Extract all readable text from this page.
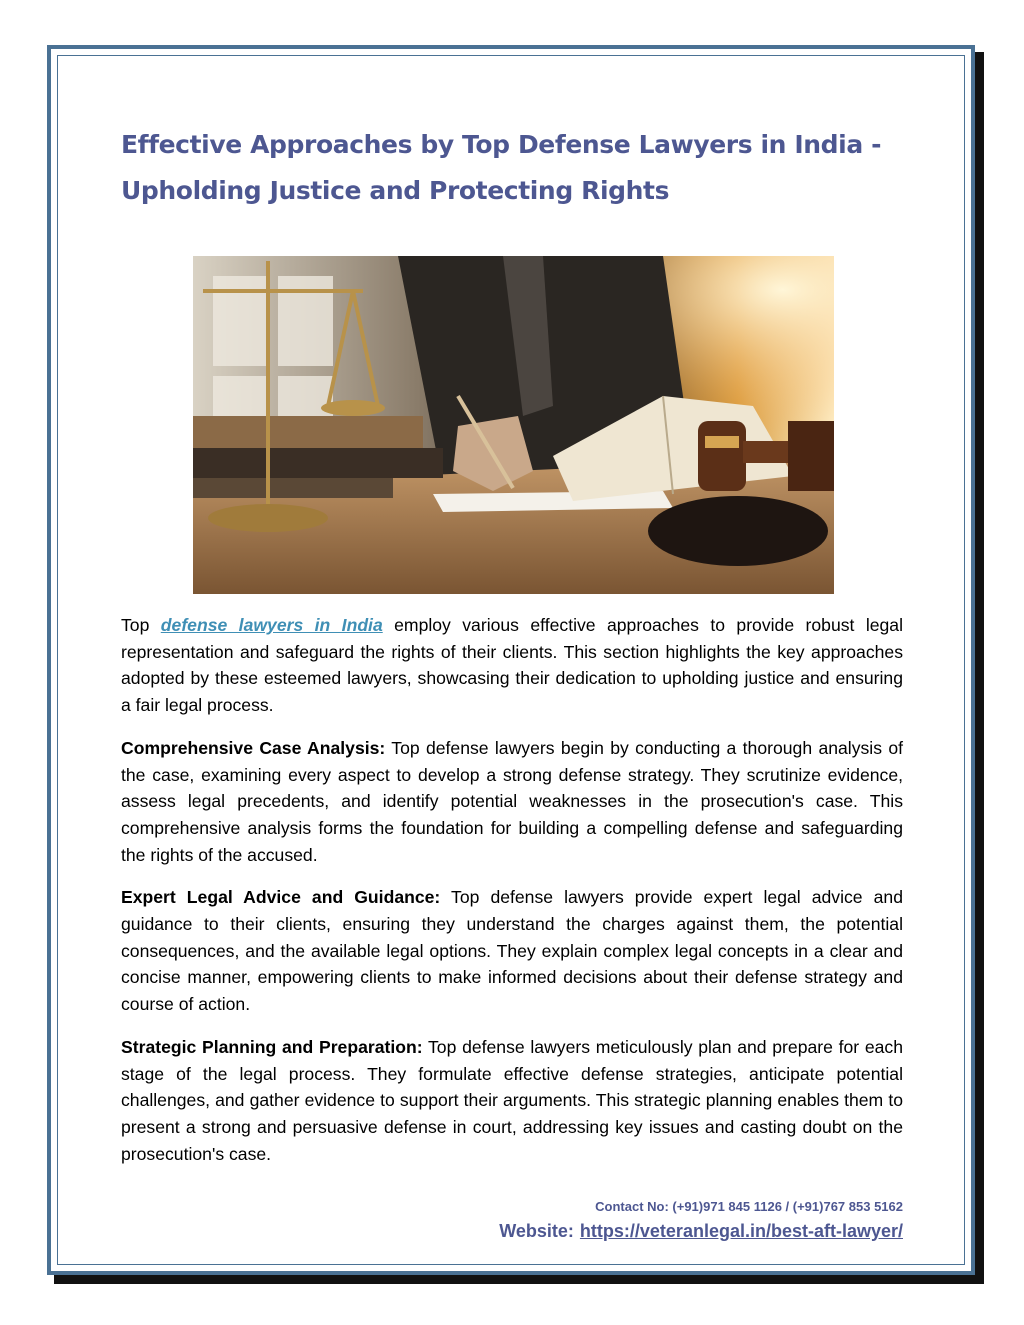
Effective Approaches by Top Defense Lawyers in India - Upholding Justice and Protecting Rights

Top defense lawyers in India employ various effective approaches to provide robust legal representation and safeguard the rights of their clients. This section highlights the key approaches adopted by these esteemed lawyers, showcasing their dedication to upholding justice and ensuring a fair legal process.

Comprehensive Case Analysis: Top defense lawyers begin by conducting a thorough analysis of the case, examining every aspect to develop a strong defense strategy. They scrutinize evidence, assess legal precedents, and identify potential weaknesses in the prosecution's case. This comprehensive analysis forms the foundation for building a compelling defense and safeguarding the rights of the accused.

Expert Legal Advice and Guidance: Top defense lawyers provide expert legal advice and guidance to their clients, ensuring they understand the charges against them, the potential consequences, and the available legal options. They explain complex legal concepts in a clear and concise manner, empowering clients to make informed decisions about their defense strategy and course of action.

Strategic Planning and Preparation: Top defense lawyers meticulously plan and prepare for each stage of the legal process. They formulate effective defense strategies, anticipate potential challenges, and gather evidence to support their arguments. This strategic planning enables them to present a strong and persuasive defense in court, addressing key issues and casting doubt on the prosecution's case.

Contact No: (+91)971 845 1126 / (+91)767 853 5162
Website: https://veteranlegal.in/best-aft-lawyer/
